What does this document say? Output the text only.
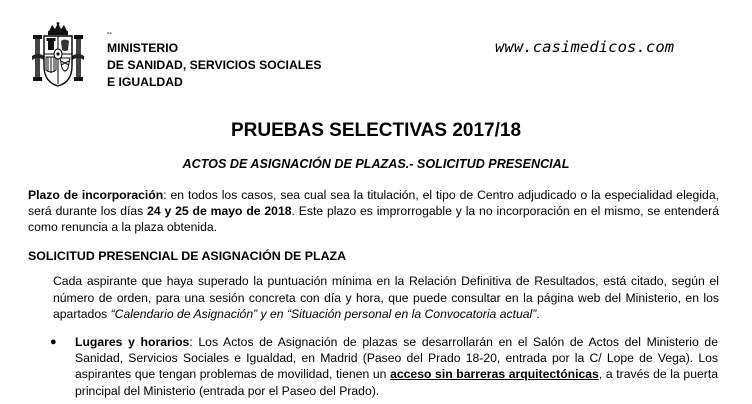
--
MINISTERIO
DE SANIDAD, SERVICIOS SOCIALES
E IGUALDAD
www.casimedicos.com
PRUEBAS SELECTIVAS 2017/18
ACTOS DE ASIGNACIÓN DE PLAZAS.- SOLICITUD PRESENCIAL
Plazo de incorporación: en todos los casos, sea cual sea la titulación, el tipo de Centro adjudicado o la especialidad elegida, será durante los días 24 y 25 de mayo de 2018. Este plazo es improrrogable y la no incorporación en el mismo, se entenderá como renuncia a la plaza obtenida.
SOLICITUD PRESENCIAL DE ASIGNACIÓN DE PLAZA
Cada aspirante que haya superado la puntuación mínima en la Relación Definitiva de Resultados, está citado, según el número de orden, para una sesión concreta con día y hora, que puede consultar en la página web del Ministerio, en los apartados “Calendario de Asignación” y en “Situación personal en la Convocatoria actual”.
● Lugares y horarios: Los Actos de Asignación de plazas se desarrollarán en el Salón de Actos del Ministerio de Sanidad, Servicios Sociales e Igualdad, en Madrid (Paseo del Prado 18-20, entrada por la C/ Lope de Vega). Los aspirantes que tengan problemas de movilidad, tienen un acceso sin barreras arquitectónicas, a través de la puerta principal del Ministerio (entrada por el Paseo del Prado).
